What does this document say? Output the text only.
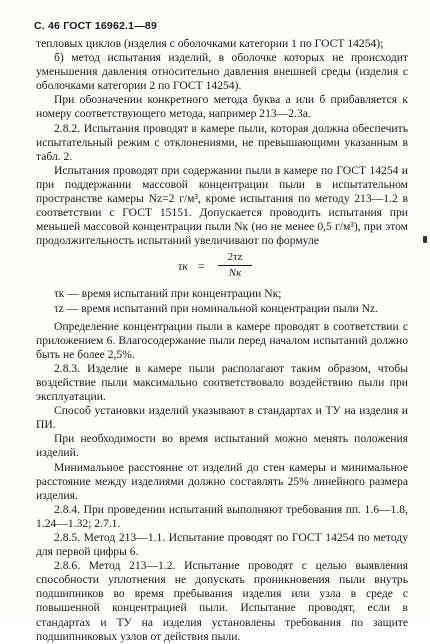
С. 46 ГОСТ 16962.1—89

тепловых циклов (изделия с оболочками категории 1 по ГОСТ 14254);

б) метод испытания изделий, в оболочке которых не происходит уменьшения давления относительно давления внешней среды (изделия с оболочками категории 2 по ГОСТ 14254).

При обозначении конкретного метода буква а или б прибавляется к номеру соответствующего метода, например 213—2.3а.

2.8.2. Испытания проводят в камере пыли, которая должна обеспечить испытательный режим с отклонениями, не превышающими указанным в табл. 2.

Испытания проводят при содержании пыли в камере по ГОСТ 14254 и при поддержании массовой концентрации пыли в испытательном пространстве камеры Nz=2 г/м³, кроме испытания по методу 213—1.2 в соответствии с ГОСТ 15151. Допускается проводить испытания при меньшей массовой концентрации пыли Nк (но не менее 0,5 г/м³), при этом продолжительность испытаний увеличивают по формуле

τк =
2τz
Nк

τк — время испытаний при концентрации Nк;

τz — время испытаний при номинальной концентрации пыли Nz.

Определение концентрации пыли в камере проводят в соответствии с приложением 6. Влагосодержание пыли перед началом испытаний должно быть не более 2,5%.

2.8.3. Изделие в камере пыли располагают таким образом, чтобы воздействие пыли максимально соответствовало воздействию пыли при эксплуатации.

Способ установки изделий указывают в стандартах и ТУ на изделия и ПИ.

При необходимости во время испытаний можно менять положения изделий.

Минимальное расстояние от изделий до стен камеры и минимальное расстояние между изделиями должно составлять 25% линейного размера изделия.

2.8.4. При проведении испытаний выполняют требования пп. 1.6—1.8, 1.24—1.32; 2.7.1.

2.8.5. Метод 213—1.1. Испытание проводят по ГОСТ 14254 по методу для первой цифры 6.

2.8.6. Метод 213—1.2. Испытание проводят с целью выявления способности уплотнения не допускать проникновения пыли внутрь подшипников во время пребывания изделия или узла в среде с повышенной концентрацией пыли. Испытание проводят, если в стандартах и ТУ на изделия установлены требования по защите подшипниковых узлов от действия пыли.
